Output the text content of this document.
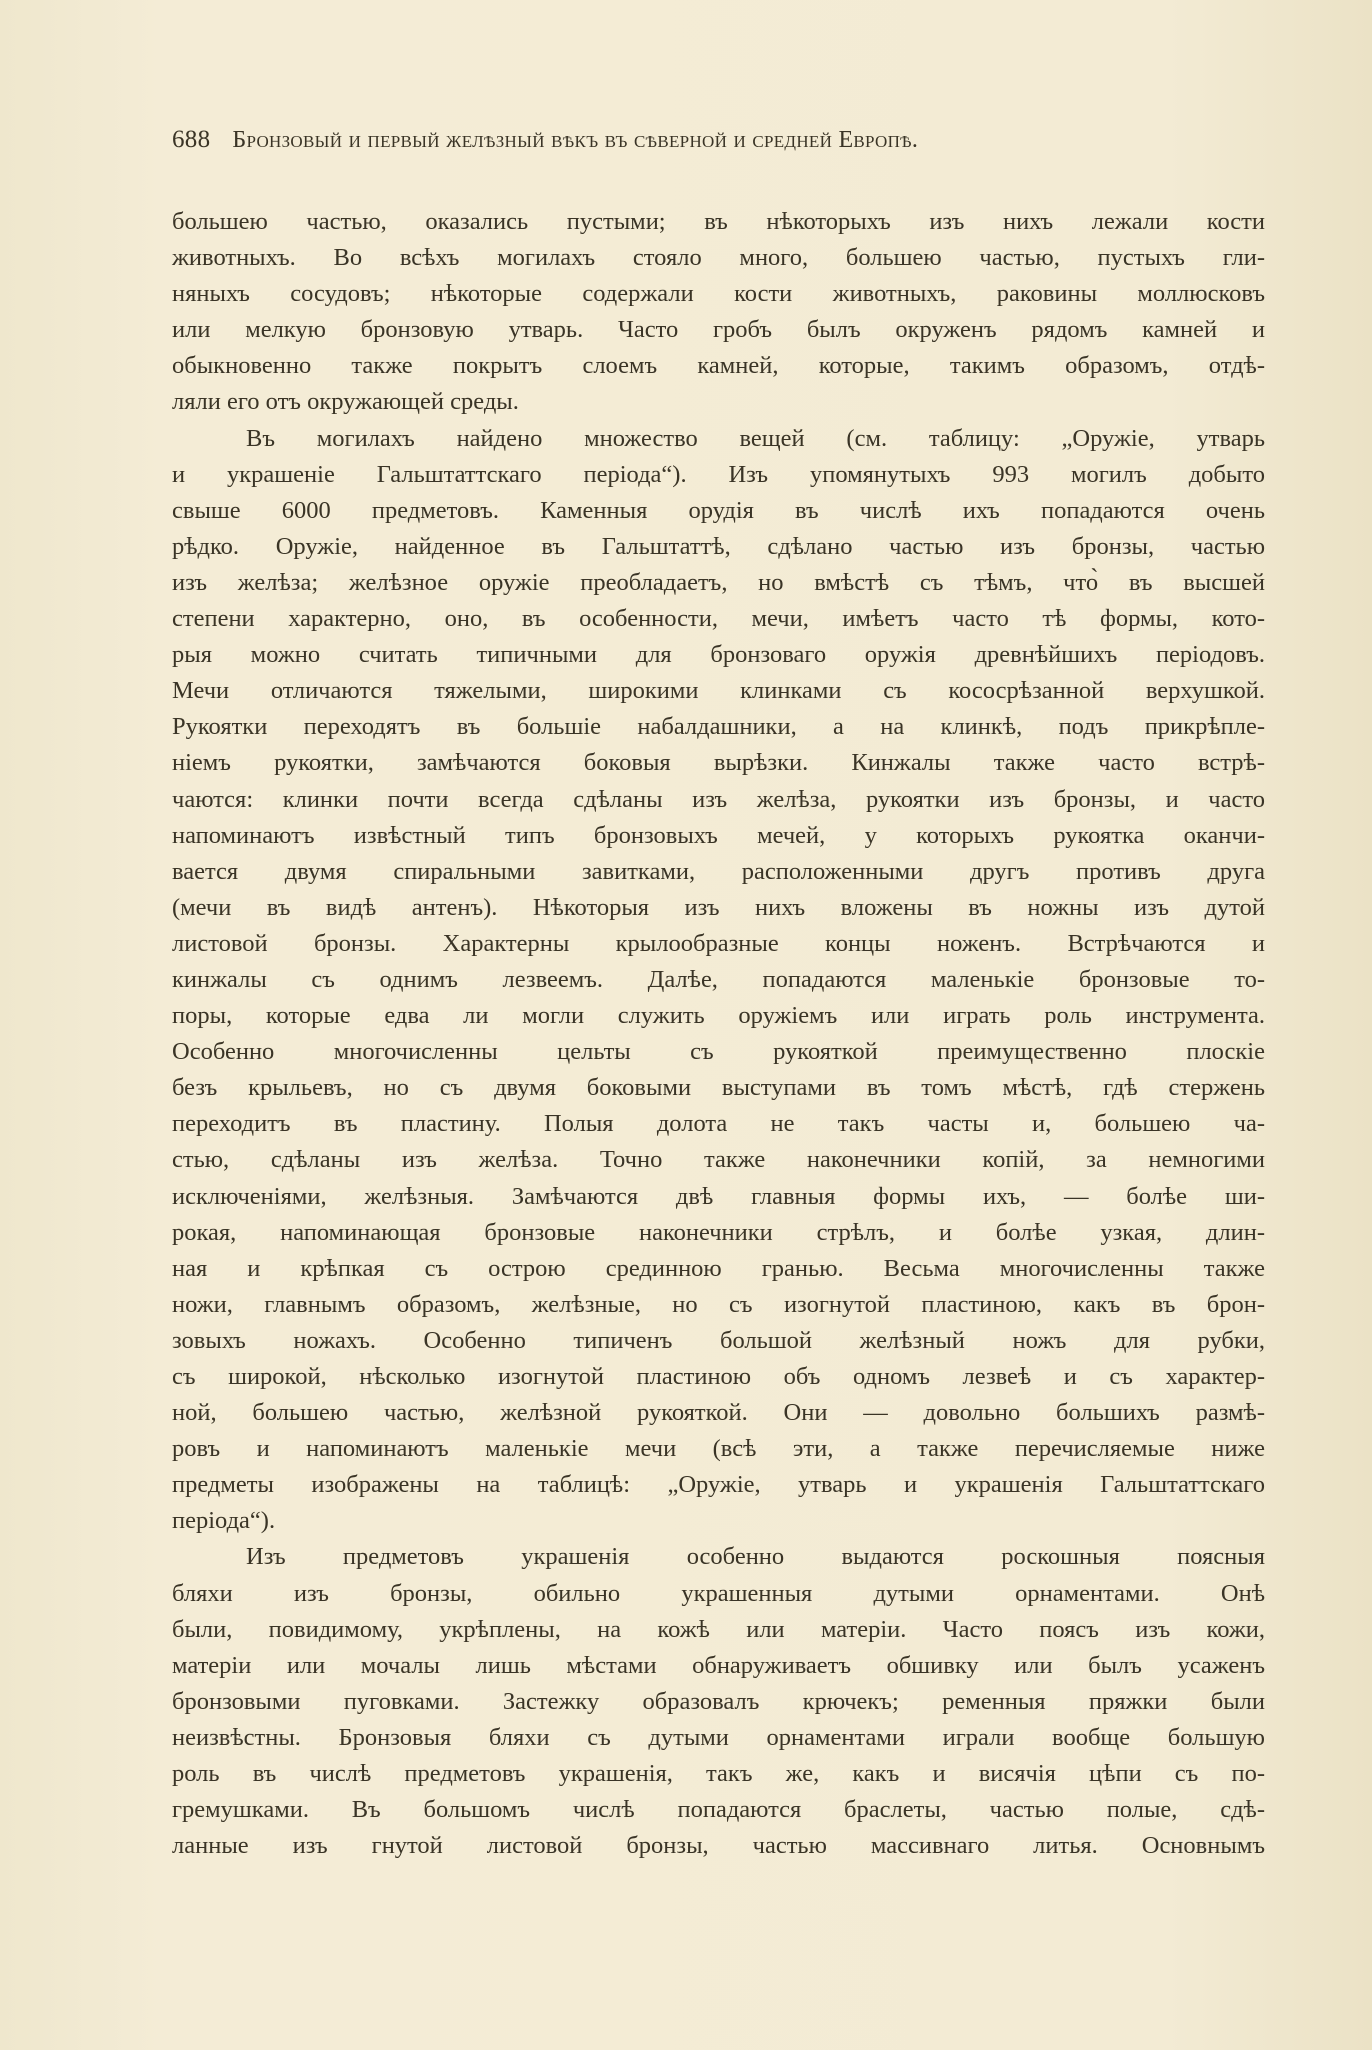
688 Бронзовый и первый желѣзный вѣкъ въ сѣверной и средней Европѣ.
большею частью, оказались пустыми; въ нѣкоторыхъ изъ нихъ лежали кости
животныхъ. Во всѣхъ могилахъ стояло много, большею частью, пустыхъ гли-
няныхъ сосудовъ; нѣкоторые содержали кости животныхъ, раковины моллюсковъ
или мелкую бронзовую утварь. Часто гробъ былъ окруженъ рядомъ камней и
обыкновенно также покрытъ слоемъ камней, которые, такимъ образомъ, отдѣ-
ляли его отъ окружающей среды.
Въ могилахъ найдено множество вещей (см. таблицу: „Оружіе, утварь
и украшеніе Гальштаттскаго періода“). Изъ упомянутыхъ 993 могилъ добыто
свыше 6000 предметовъ. Каменныя орудія въ числѣ ихъ попадаются очень
рѣдко. Оружіе, найденное въ Гальштаттѣ, сдѣлано частью изъ бронзы, частью
изъ желѣза; желѣзное оружіе преобладаетъ, но вмѣстѣ съ тѣмъ, что̀ въ высшей
степени характерно, оно, въ особенности, мечи, имѣетъ часто тѣ формы, кото-
рыя можно считать типичными для бронзоваго оружія древнѣйшихъ періодовъ.
Мечи отличаются тяжелыми, широкими клинками съ кососрѣзанной верхушкой.
Рукоятки переходятъ въ большіе набалдашники, а на клинкѣ, подъ прикрѣпле-
ніемъ рукоятки, замѣчаются боковыя вырѣзки. Кинжалы также часто встрѣ-
чаются: клинки почти всегда сдѣланы изъ желѣза, рукоятки изъ бронзы, и часто
напоминаютъ извѣстный типъ бронзовыхъ мечей, у которыхъ рукоятка оканчи-
вается двумя спиральными завитками, расположенными другъ противъ друга
(мечи въ видѣ антенъ). Нѣкоторыя изъ нихъ вложены въ ножны изъ дутой
листовой бронзы. Характерны крылообразные концы ноженъ. Встрѣчаются и
кинжалы съ однимъ лезвеемъ. Далѣе, попадаются маленькіе бронзовые то-
поры, которые едва ли могли служить оружіемъ или играть роль инструмента.
Особенно многочисленны цельты съ рукояткой преимущественно плоскіе
безъ крыльевъ, но съ двумя боковыми выступами въ томъ мѣстѣ, гдѣ стержень
переходитъ въ пластину. Полыя долота не такъ часты и, большею ча-
стью, сдѣланы изъ желѣза. Точно также наконечники копій, за немногими
исключеніями, желѣзныя. Замѣчаются двѣ главныя формы ихъ, — болѣе ши-
рокая, напоминающая бронзовые наконечники стрѣлъ, и болѣе узкая, длин-
ная и крѣпкая съ острою срединною гранью. Весьма многочисленны также
ножи, главнымъ образомъ, желѣзные, но съ изогнутой пластиною, какъ въ брон-
зовыхъ ножахъ. Особенно типиченъ большой желѣзный ножъ для рубки,
съ широкой, нѣсколько изогнутой пластиною объ одномъ лезвеѣ и съ характер-
ной, большею частью, желѣзной рукояткой. Они — довольно большихъ размѣ-
ровъ и напоминаютъ маленькіе мечи (всѣ эти, а также перечисляемые ниже
предметы изображены на таблицѣ: „Оружіе, утварь и украшенія Гальштаттскаго
періода“).
Изъ предметовъ украшенія особенно выдаются роскошныя поясныя
бляхи изъ бронзы, обильно украшенныя дутыми орнаментами. Онѣ
были, повидимому, укрѣплены, на кожѣ или матеріи. Часто поясъ изъ кожи,
матеріи или мочалы лишь мѣстами обнаруживаетъ обшивку или былъ усаженъ
бронзовыми пуговками. Застежку образовалъ крючекъ; ременныя пряжки были
неизвѣстны. Бронзовыя бляхи съ дутыми орнаментами играли вообще большую
роль въ числѣ предметовъ украшенія, такъ же, какъ и висячія цѣпи съ по-
гремушками. Въ большомъ числѣ попадаются браслеты, частью полые, сдѣ-
ланные изъ гнутой листовой бронзы, частью массивнаго литья. Основнымъ
